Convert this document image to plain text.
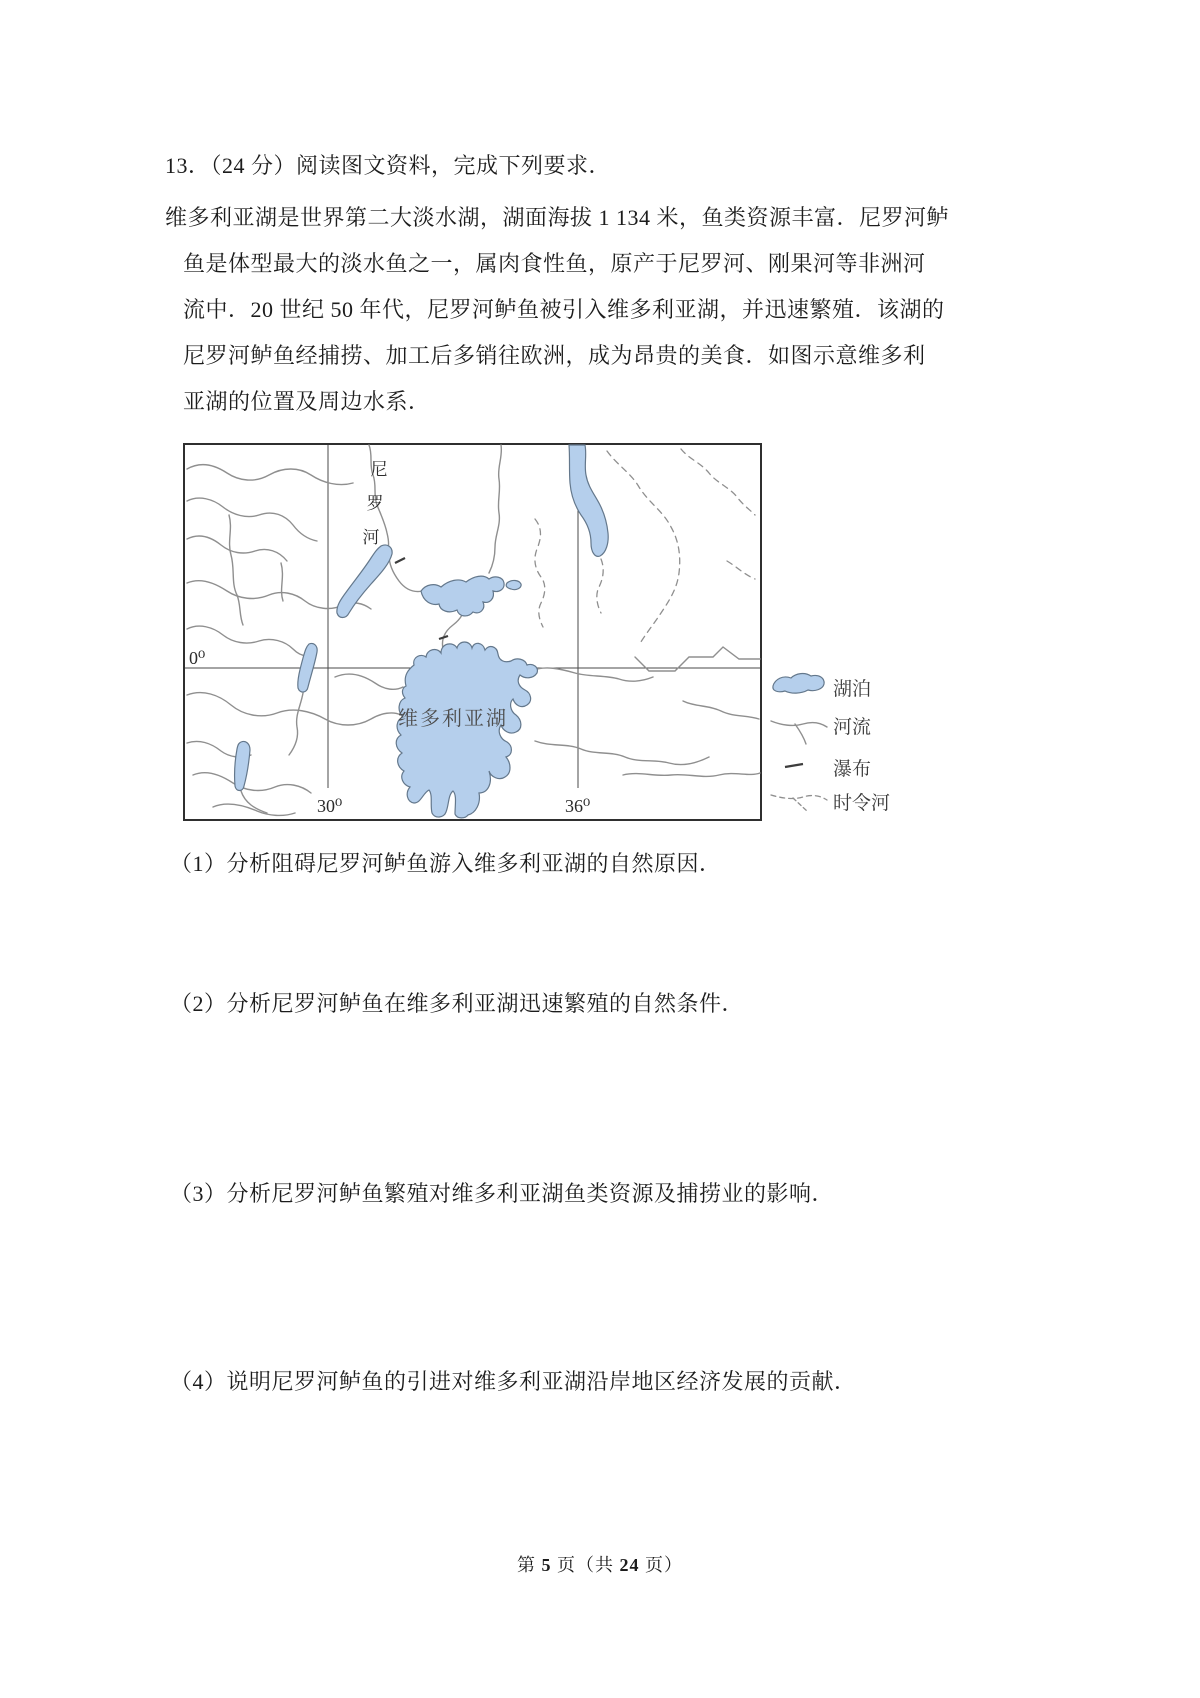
13．（24 分）阅读图文资料，完成下列要求．
维多利亚湖是世界第二大淡水湖，湖面海拔 1 134 米，鱼类资源丰富．尼罗河鲈
鱼是体型最大的淡水鱼之一，属肉食性鱼，原产于尼罗河、刚果河等非洲河
流中．20 世纪 50 年代，尼罗河鲈鱼被引入维多利亚湖，并迅速繁殖．该湖的
尼罗河鲈鱼经捕捞、加工后多销往欧洲，成为昂贵的美食．如图示意维多利
亚湖的位置及周边水系．
尼
罗
河
维多利亚湖
0⁰
30⁰	36⁰
湖泊
河流
瀑布
时令河
（1）分析阻碍尼罗河鲈鱼游入维多利亚湖的自然原因．
（2）分析尼罗河鲈鱼在维多利亚湖迅速繁殖的自然条件．
（3）分析尼罗河鲈鱼繁殖对维多利亚湖鱼类资源及捕捞业的影响．
（4）说明尼罗河鲈鱼的引进对维多利亚湖沿岸地区经济发展的贡献．
第 5 页（共 24 页）
